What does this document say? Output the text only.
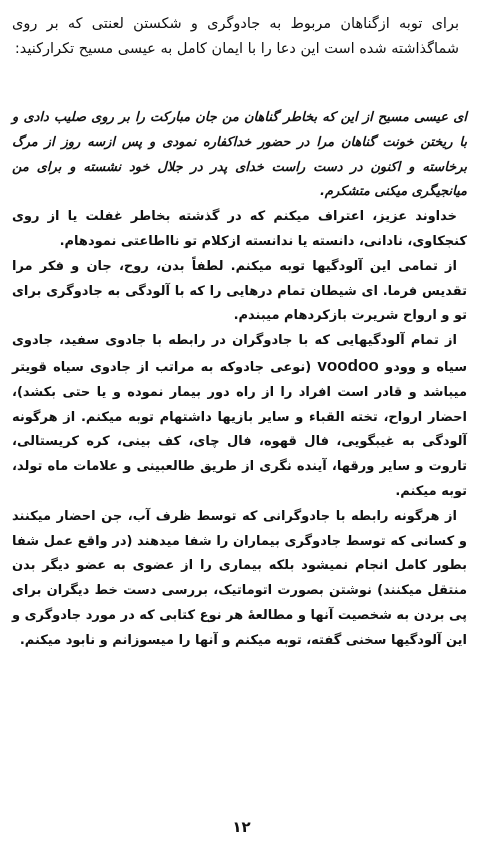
برای توبه ازگناهان مربوط به جادوگری و شکستن لعنتی که بر روی شماگذاشته شده است این دعا را با ایمان کامل به عیسی مسیح تکرارکنید:

ای عیسی مسیح از این که بخاطر گناهان من جان مبارکت را بر روی صلیب دادی و با ریختن خونت گناهان مرا در حضور خداکفاره نمودی و پس ازسه روز از مرگ برخاسته و اکنون در دست راست خدای پدر در جلال خود نشسته و برای من میانجیگری میکنی متشکرم.

خداوند عزیز، اعتراف میکنم که در گذشته بخاطر غفلت یا از روی کنجکاوی، نادانی، دانسته یا ندانسته ازکلام تو نااطاعتی نمودهام.

از تمامی این آلودگیها توبه میکنم. لطفاً بدن، روح، جان و فکر مرا تقدیس فرما. ای شیطان تمام درهایی را که با آلودگی به جادوگری برای تو و ارواح شریرت بازکردهام میبندم.

از تمام آلودگیهایی که با جادوگران در رابطه با جادوی سفید، جادوی سیاه و وودو voodoo (نوعی جادوکه به مراتب از جادوی سیاه قویتر میباشد و قادر است افراد را از راه دور بیمار نموده و یا حتی بکشد)، احضار ارواح، تخته القباء و سایر بازیها داشتهام توبه میکنم. از هرگونه آلودگی به غیبگویی، فال قهوه، فال چای، کف بینی، کره کریستالی، تاروت و سایر ورقها، آینده نگری از طریق طالعبینی و علامات ماه تولد، توبه میکنم.

از هرگونه رابطه با جادوگرانی که توسط ظرف آب، جن احضار میکنند و کسانی که توسط جادوگری بیماران را شفا میدهند (در واقع عمل شفا بطور کامل انجام نمیشود بلکه بیماری را از عضوی به عضو دیگر بدن منتقل میکنند) نوشتن بصورت اتوماتیک، بررسی دست خط دیگران برای پی بردن به شخصیت آنها و مطالعهٔ هر نوع کتابی که در مورد جادوگری و این آلودگیها سخنی گفته، توبه میکنم و آنها را میسوزانم و نابود میکنم.

۱۲
